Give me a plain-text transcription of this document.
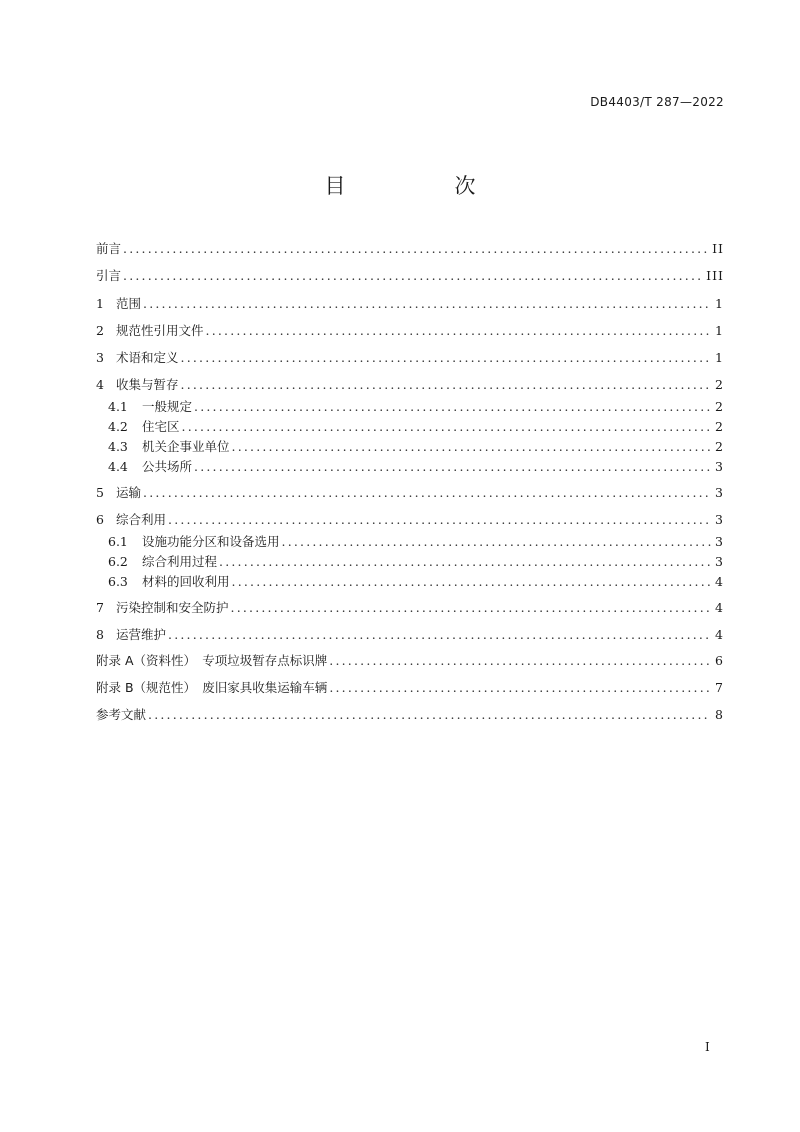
DB4403/T 287—2022
目　次
前言 .....	II
引言 .....	III
1 范围 .....	1
2 规范性引用文件 .....	1
3 术语和定义 .....	1
4 收集与暂存 .....	2
4.1	一般规定 .....	2
4.2	住宅区 .....	2
4.3	机关企事业单位 .....	2
4.4	公共场所 .....	3
5 运输 .....	3
6 综合利用 .....	3
6.1	设施功能分区和设备选用 .....	3
6.2	综合利用过程 .....	3
6.3	材料的回收利用 .....	4
7 污染控制和安全防护 .....	4
8 运营维护 .....	4
附录 A（资料性）　专项垃圾暂存点标识牌 .....	6
附录 B（规范性）　废旧家具收集运输车辆 .....	7
参考文献 .....	8
I
